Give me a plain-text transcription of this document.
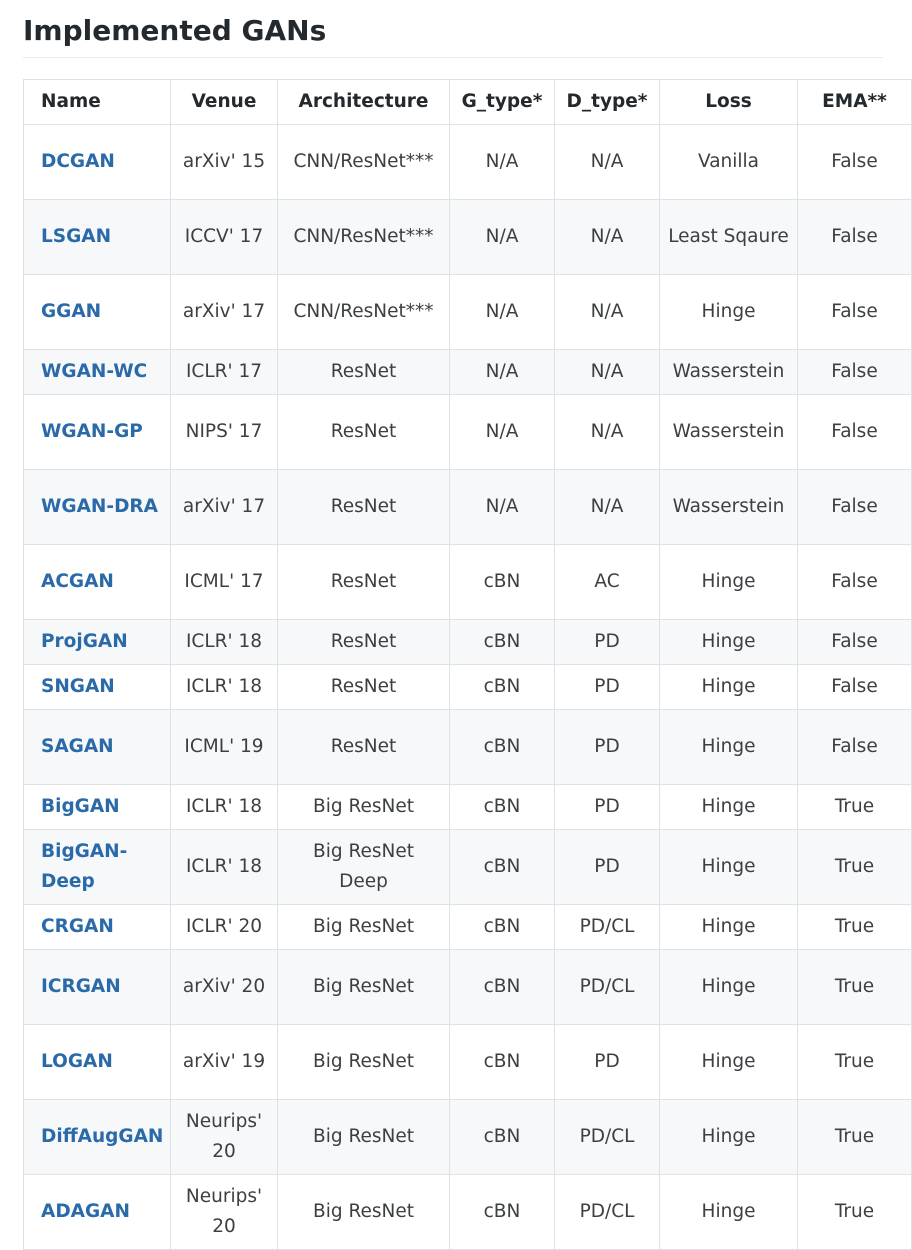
Implemented GANs
Name	Venue	Architecture	G_type*	D_type*	Loss	EMA**
DCGAN	arXiv' 15	CNN/ResNet***	N/A	N/A	Vanilla	False
LSGAN	ICCV' 17	CNN/ResNet***	N/A	N/A	Least Sqaure	False
GGAN	arXiv' 17	CNN/ResNet***	N/A	N/A	Hinge	False
WGAN-WC	ICLR' 17	ResNet	N/A	N/A	Wasserstein	False
WGAN-GP	NIPS' 17	ResNet	N/A	N/A	Wasserstein	False
WGAN-DRA	arXiv' 17	ResNet	N/A	N/A	Wasserstein	False
ACGAN	ICML' 17	ResNet	cBN	AC	Hinge	False
ProjGAN	ICLR' 18	ResNet	cBN	PD	Hinge	False
SNGAN	ICLR' 18	ResNet	cBN	PD	Hinge	False
SAGAN	ICML' 19	ResNet	cBN	PD	Hinge	False
BigGAN	ICLR' 18	Big ResNet	cBN	PD	Hinge	True
BigGAN-Deep	ICLR' 18	Big ResNet Deep	cBN	PD	Hinge	True
CRGAN	ICLR' 20	Big ResNet	cBN	PD/CL	Hinge	True
ICRGAN	arXiv' 20	Big ResNet	cBN	PD/CL	Hinge	True
LOGAN	arXiv' 19	Big ResNet	cBN	PD	Hinge	True
DiffAugGAN	Neurips' 20	Big ResNet	cBN	PD/CL	Hinge	True
ADAGAN	Neurips' 20	Big ResNet	cBN	PD/CL	Hinge	True
